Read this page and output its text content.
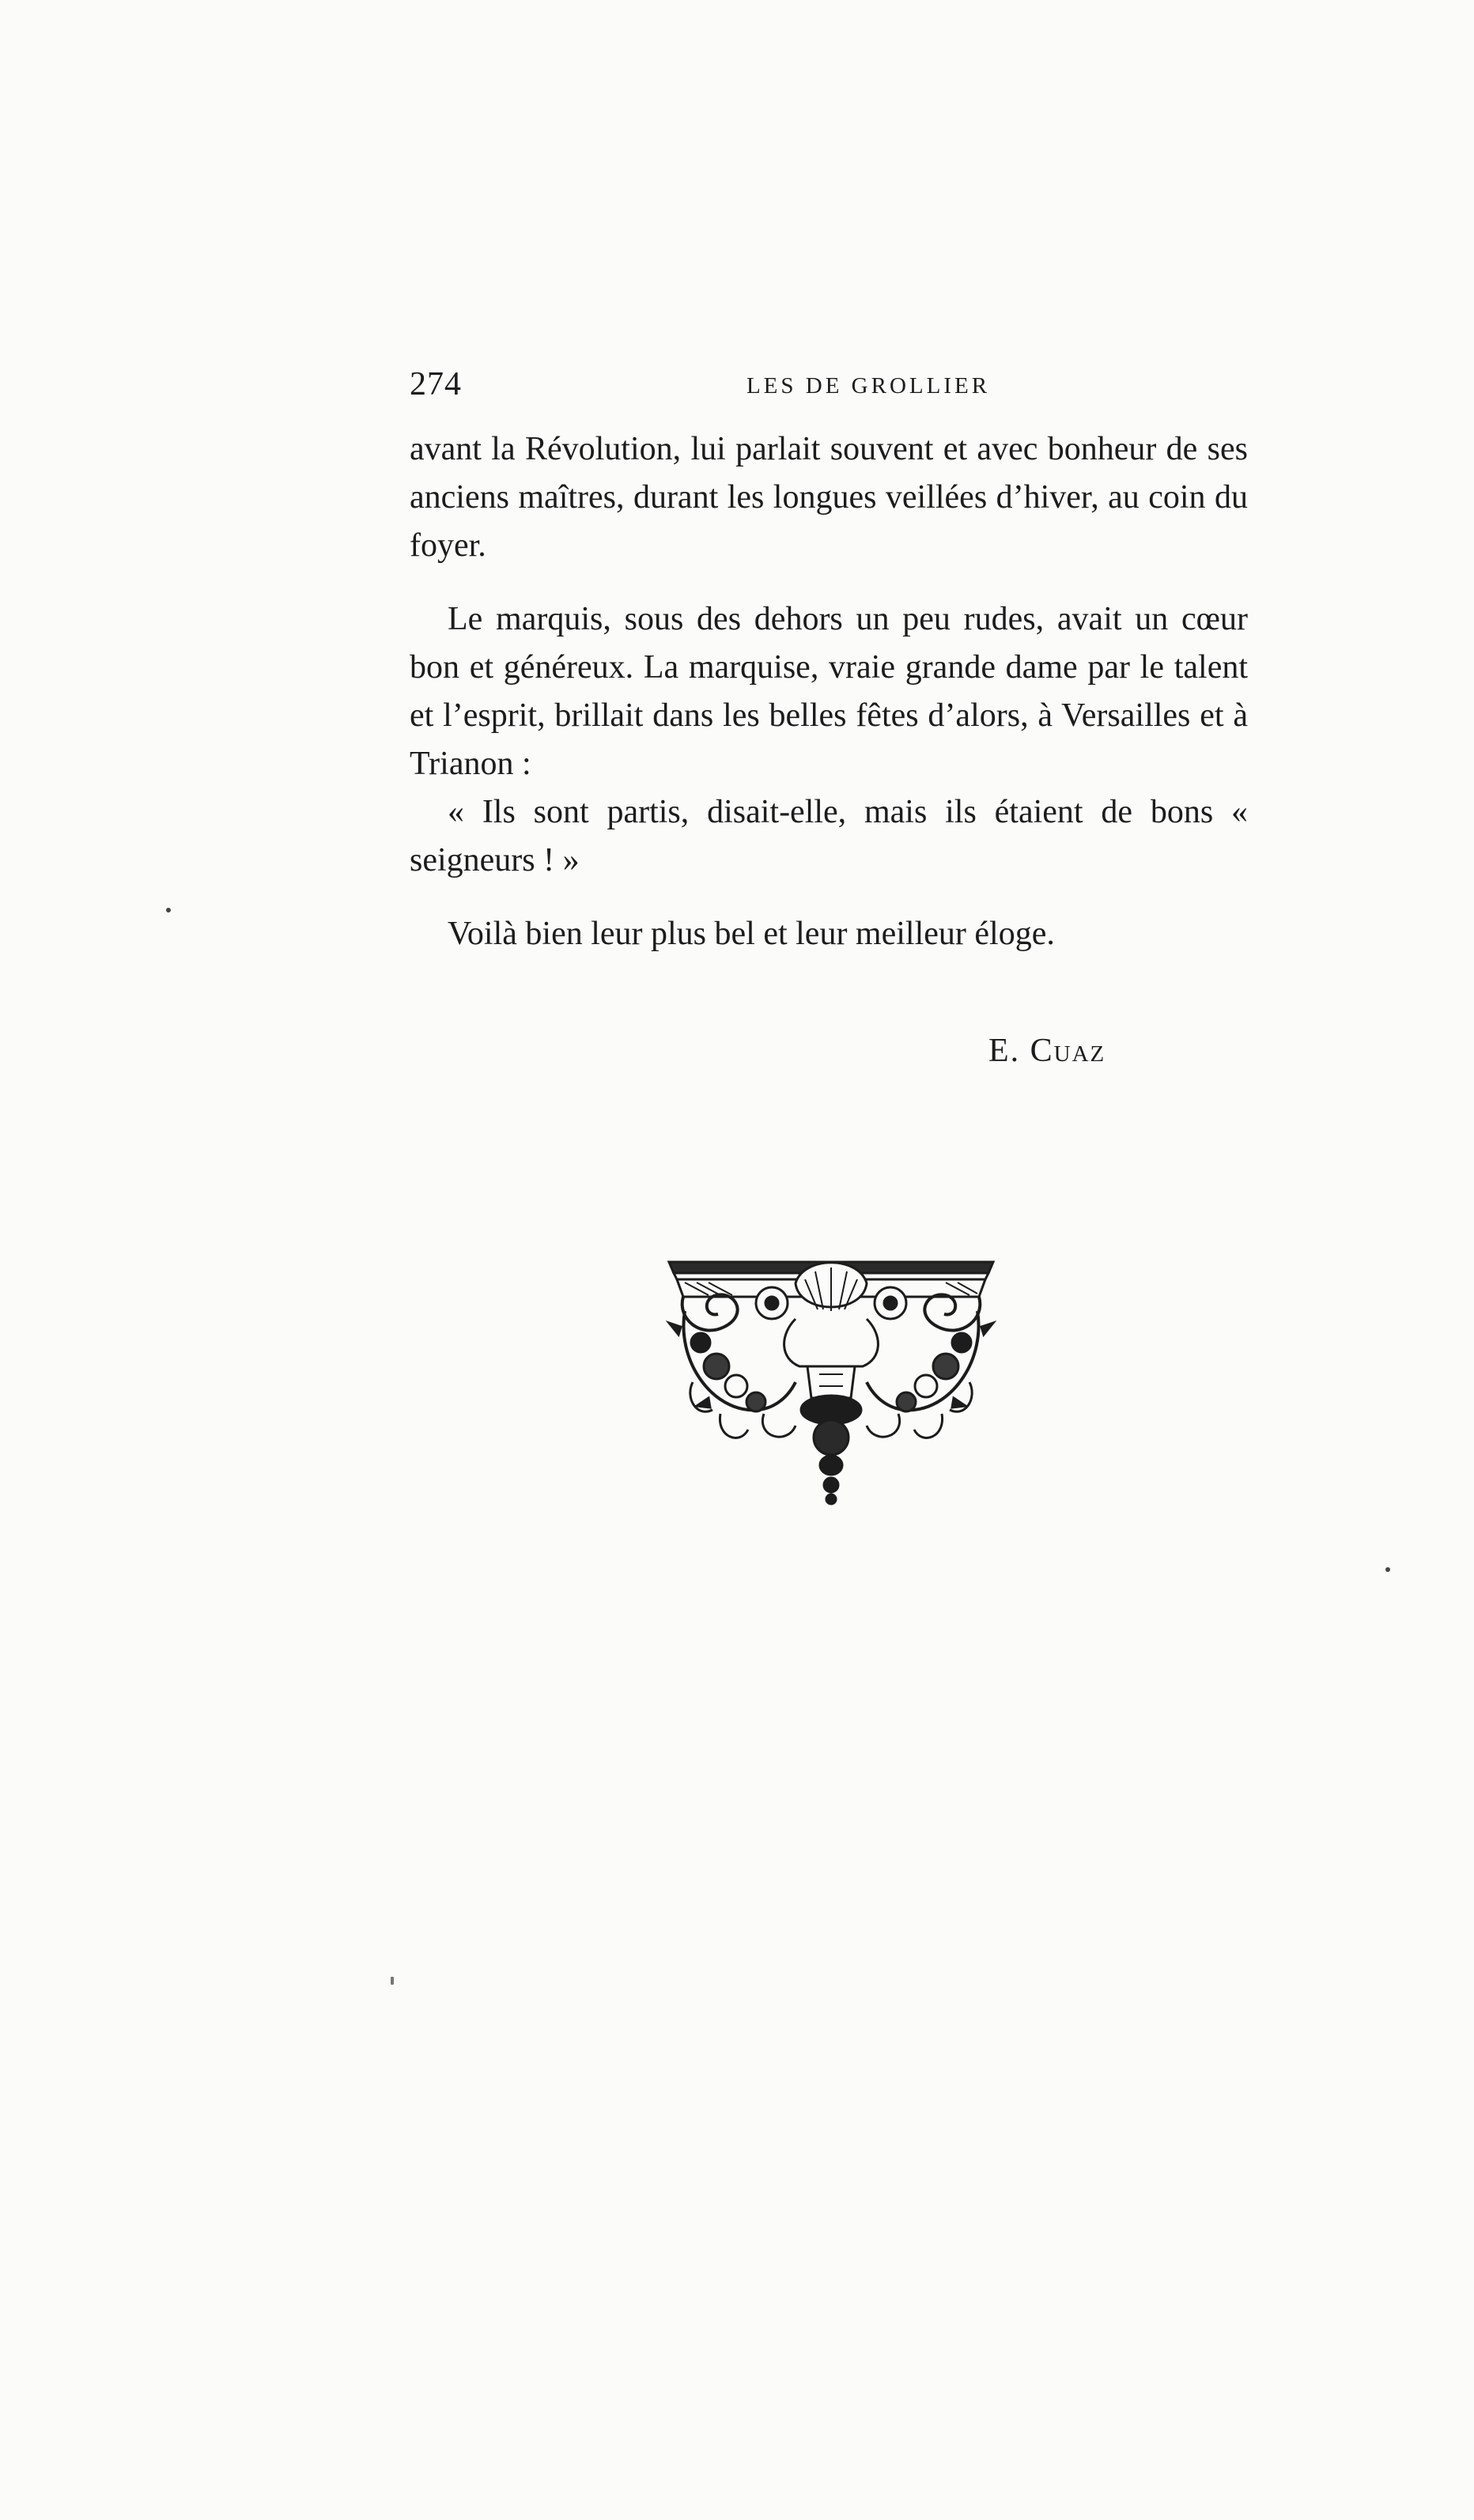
274	LES DE GROLLIER

avant la Révolution, lui parlait souvent et avec bonheur de ses anciens maîtres, durant les longues veillées d’hiver, au coin du foyer.

Le marquis, sous des dehors un peu rudes, avait un cœur bon et généreux. La marquise, vraie grande dame par le talent et l’esprit, brillait dans les belles fêtes d’alors, à Versailles et à Trianon :

« Ils sont partis, disait-elle, mais ils étaient de bons « seigneurs ! »

Voilà bien leur plus bel et leur meilleur éloge.

E. Cuaz
